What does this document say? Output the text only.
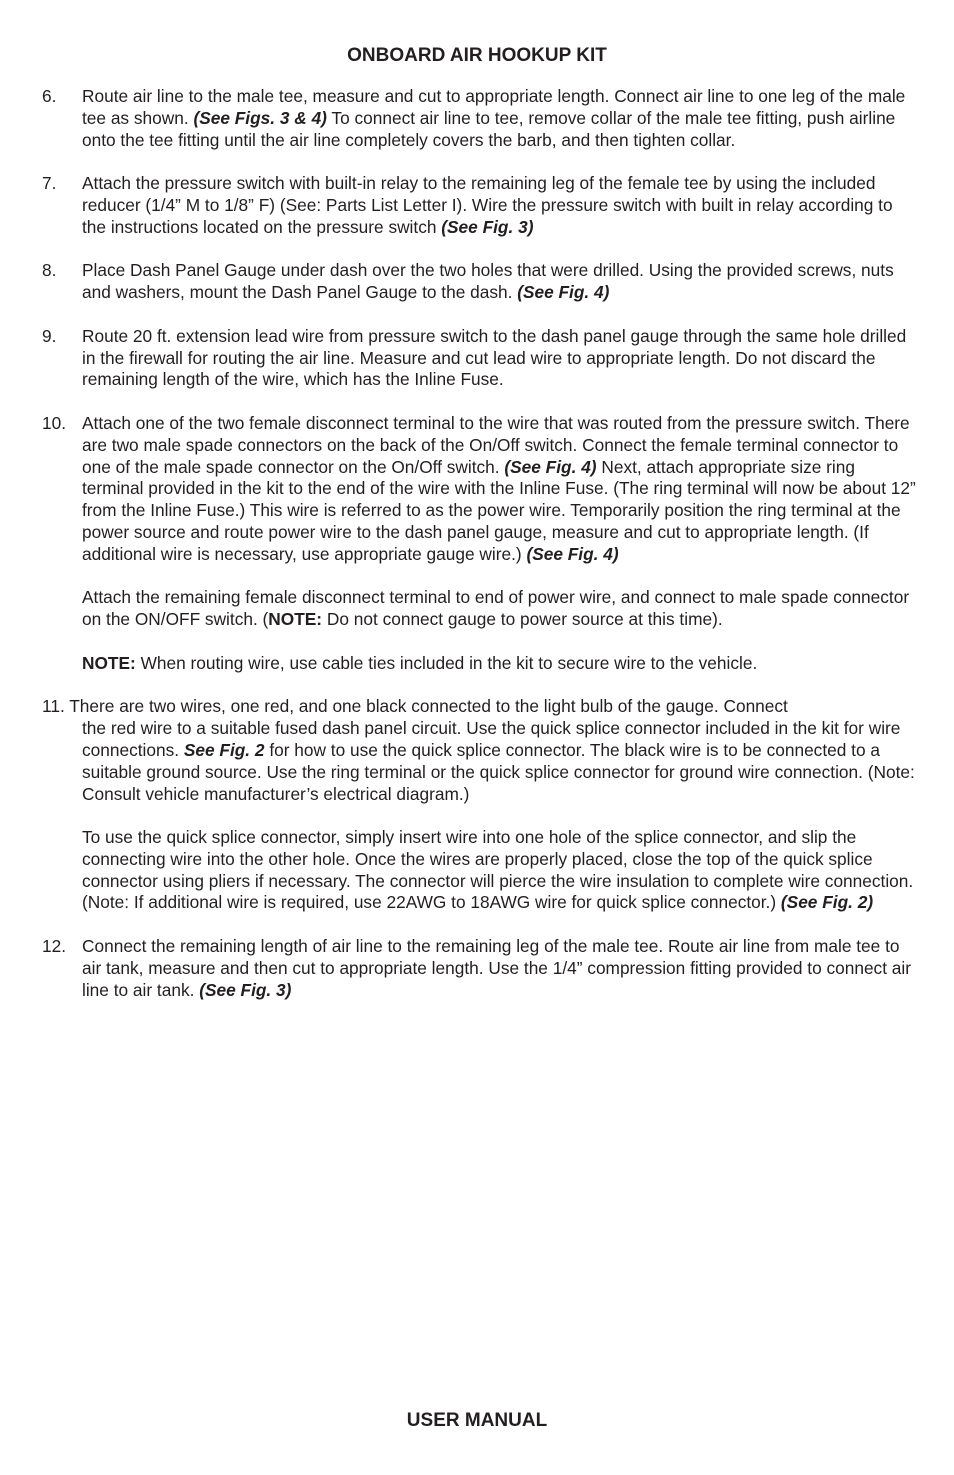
ONBOARD AIR HOOKUP KIT
6. Route air line to the male tee, measure and cut to appropriate length. Connect air line to one leg of the male tee as shown. (See Figs. 3 & 4) To connect air line to tee, remove collar of the male tee fitting, push airline onto the tee fitting until the air line completely covers the barb, and then tighten collar.

7. Attach the pressure switch with built-in relay to the remaining leg of the female tee by using the included reducer (1/4” M to 1/8” F) (See: Parts List Letter I). Wire the pressure switch with built in relay according to the instructions located on the pressure switch (See Fig. 3)

8. Place Dash Panel Gauge under dash over the two holes that were drilled. Using the provided screws, nuts and washers, mount the Dash Panel Gauge to the dash. (See Fig. 4)

9. Route 20 ft. extension lead wire from pressure switch to the dash panel gauge through the same hole drilled in the firewall for routing the air line. Measure and cut lead wire to appropriate length. Do not discard the remaining length of the wire, which has the Inline Fuse.

10. Attach one of the two female disconnect terminal to the wire that was routed from the pressure switch. There are two male spade connectors on the back of the On/Off switch. Connect the female terminal connector to one of the male spade connector on the On/Off switch. (See Fig. 4) Next, attach appropriate size ring terminal provided in the kit to the end of the wire with the Inline Fuse. (The ring terminal will now be about 12” from the Inline Fuse.) This wire is referred to as the power wire. Temporarily position the ring terminal at the power source and route power wire to the dash panel gauge, measure and cut to appropriate length. (If additional wire is necessary, use appropriate gauge wire.) (See Fig. 4)

Attach the remaining female disconnect terminal to end of power wire, and connect to male spade connector on the ON/OFF switch. (NOTE: Do not connect gauge to power source at this time).

NOTE: When routing wire, use cable ties included in the kit to secure wire to the vehicle.

11. There are two wires, one red, and one black connected to the light bulb of the gauge. Connect
the red wire to a suitable fused dash panel circuit. Use the quick splice connector included in the kit for wire connections. See Fig. 2 for how to use the quick splice connector. The black wire is to be connected to a suitable ground source. Use the ring terminal or the quick splice connector for ground wire connection. (Note: Consult vehicle manufacturer’s electrical diagram.)
To use the quick splice connector, simply insert wire into one hole of the splice connector, and slip the connecting wire into the other hole. Once the wires are properly placed, close the top of the quick splice connector using pliers if necessary. The connector will pierce the wire insulation to complete wire connection. (Note: If additional wire is required, use 22AWG to 18AWG wire for quick splice connector.) (See Fig. 2)
12. Connect the remaining length of air line to the remaining leg of the male tee. Route air line from male tee to air tank, measure and then cut to appropriate length. Use the 1/4” compression fitting provided to connect air line to air tank. (See Fig. 3)

USER MANUAL
